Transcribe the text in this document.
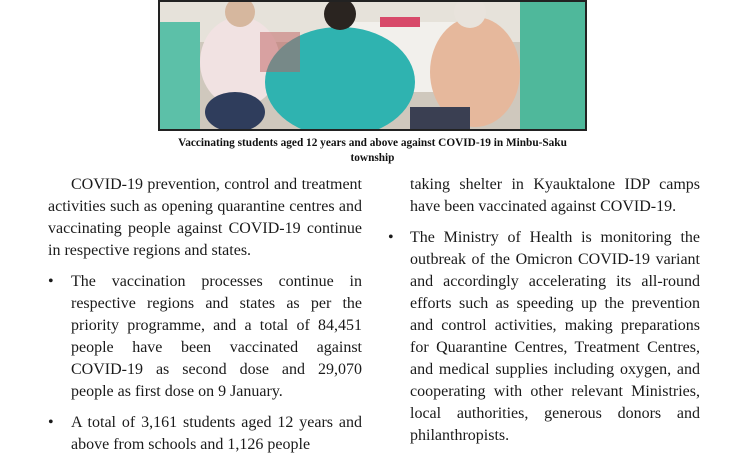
Vaccinating students aged 12 years and above against COVID-19 in Minbu-Saku township

COVID-19 prevention, control and treatment activities such as opening quarantine centres and vaccinating people against COVID-19 continue in respective regions and states.

• The vaccination processes continue in respective regions and states as per the priority programme, and a total of 84,451 people have been vaccinated against COVID-19 as second dose and 29,070 people as first dose on 9 January.
• A total of 3,161 students aged 12 years and above from schools and 1,126 people

taking shelter in Kyauktalone IDP camps have been vaccinated against COVID-19.

• The Ministry of Health is monitoring the outbreak of the Omicron COVID-19 variant and accordingly accelerating its all-round efforts such as speeding up the prevention and control activities, making preparations for Quarantine Centres, Treatment Centres, and medical supplies including oxygen, and cooperating with other relevant Ministries, local authorities, generous donors and philanthropists.
